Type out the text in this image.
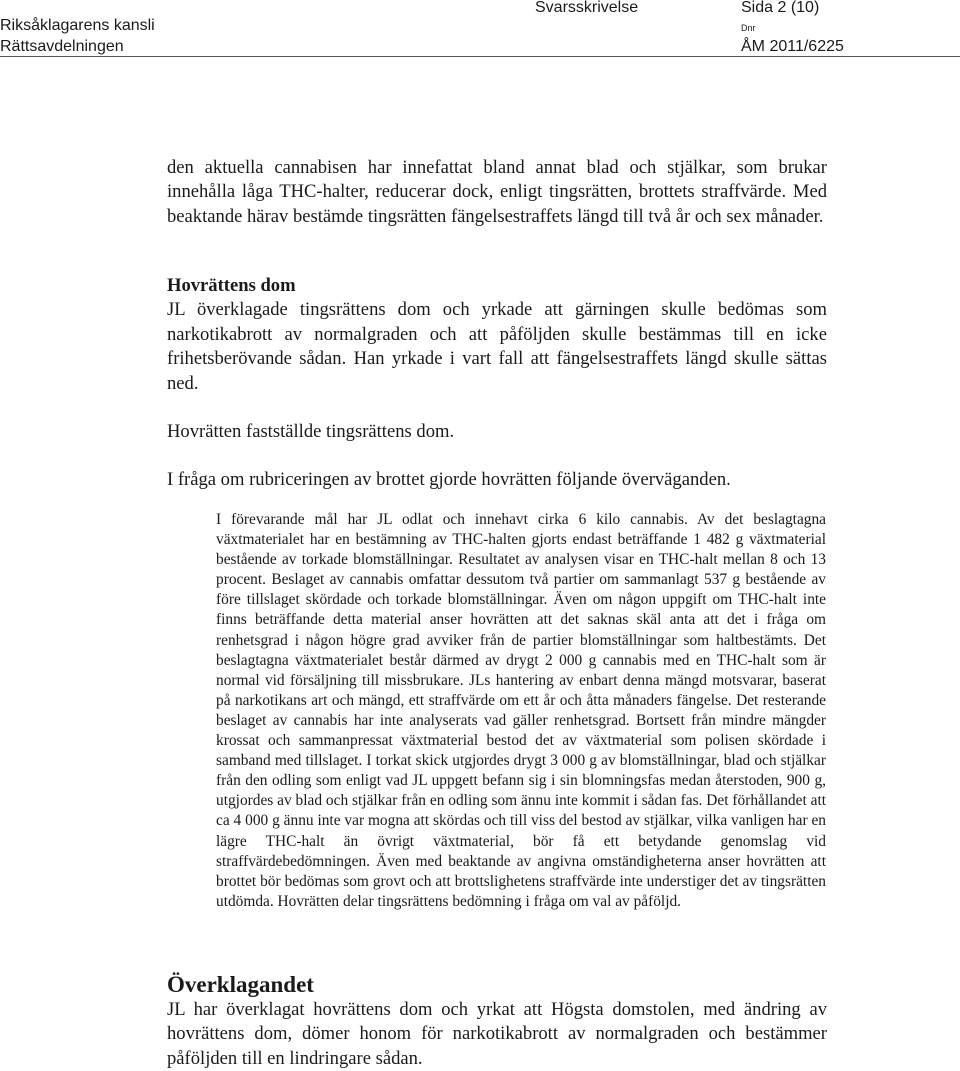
Riksåklagarens kansli
Rättsavdelningen
Svarsskrivelse	Sida 2 (10)
Dnr
ÅM 2011/6225

den aktuella cannabisen har innefattat bland annat blad och stjälkar, som brukar innehålla låga THC-halter, reducerar dock, enligt tingsrätten, brottets straffvärde. Med beaktande härav bestämde tingsrätten fängelsestraffets längd till två år och sex månader.

Hovrättens dom

JL överklagade tingsrättens dom och yrkade att gärningen skulle bedömas som narkotikabrott av normalgraden och att påföljden skulle bestämmas till en icke frihetsberövande sådan. Han yrkade i vart fall att fängelsestraffets längd skulle sättas ned.

Hovrätten fastställde tingsrättens dom.

I fråga om rubriceringen av brottet gjorde hovrätten följande överväganden.

I förevarande mål har JL odlat och innehavt cirka 6 kilo cannabis. Av det beslagtagna växtmaterialet har en bestämning av THC-halten gjorts endast beträffande 1 482 g växtmaterial bestående av torkade blomställningar. Resultatet av analysen visar en THC-halt mellan 8 och 13 procent. Beslaget av cannabis omfattar dessutom två partier om sammanlagt 537 g bestående av före tillslaget skördade och torkade blomställningar. Även om någon uppgift om THC-halt inte finns beträffande detta material anser hovrätten att det saknas skäl anta att det i fråga om renhetsgrad i någon högre grad avviker från de partier blomställningar som haltbestämts. Det beslagtagna växtmaterialet består därmed av drygt 2 000 g cannabis med en THC-halt som är normal vid försäljning till missbrukare. JLs hantering av enbart denna mängd motsvarar, baserat på narkotikans art och mängd, ett straffvärde om ett år och åtta månaders fängelse. Det resterande beslaget av cannabis har inte analyserats vad gäller renhetsgrad. Bortsett från mindre mängder krossat och sammanpressat växtmaterial bestod det av växtmaterial som polisen skördade i samband med tillslaget. I torkat skick utgjordes drygt 3 000 g av blomställningar, blad och stjälkar från den odling som enligt vad JL uppgett befann sig i sin blomningsfas medan återstoden, 900 g, utgjordes av blad och stjälkar från en odling som ännu inte kommit i sådan fas. Det förhållandet att ca 4 000 g ännu inte var mogna att skördas och till viss del bestod av stjälkar, vilka vanligen har en lägre THC-halt än övrigt växtmaterial, bör få ett betydande genomslag vid straffvärdebedömningen. Även med beaktande av angivna omständigheterna anser hovrätten att brottet bör bedömas som grovt och att brottslighetens straffvärde inte understiger det av tingsrätten utdömda. Hovrätten delar tingsrättens bedömning i fråga om val av påföljd.

Överklagandet

JL har överklagat hovrättens dom och yrkat att Högsta domstolen, med ändring av hovrättens dom, dömer honom för narkotikabrott av normalgraden och bestämmer påföljden till en lindringare sådan.
